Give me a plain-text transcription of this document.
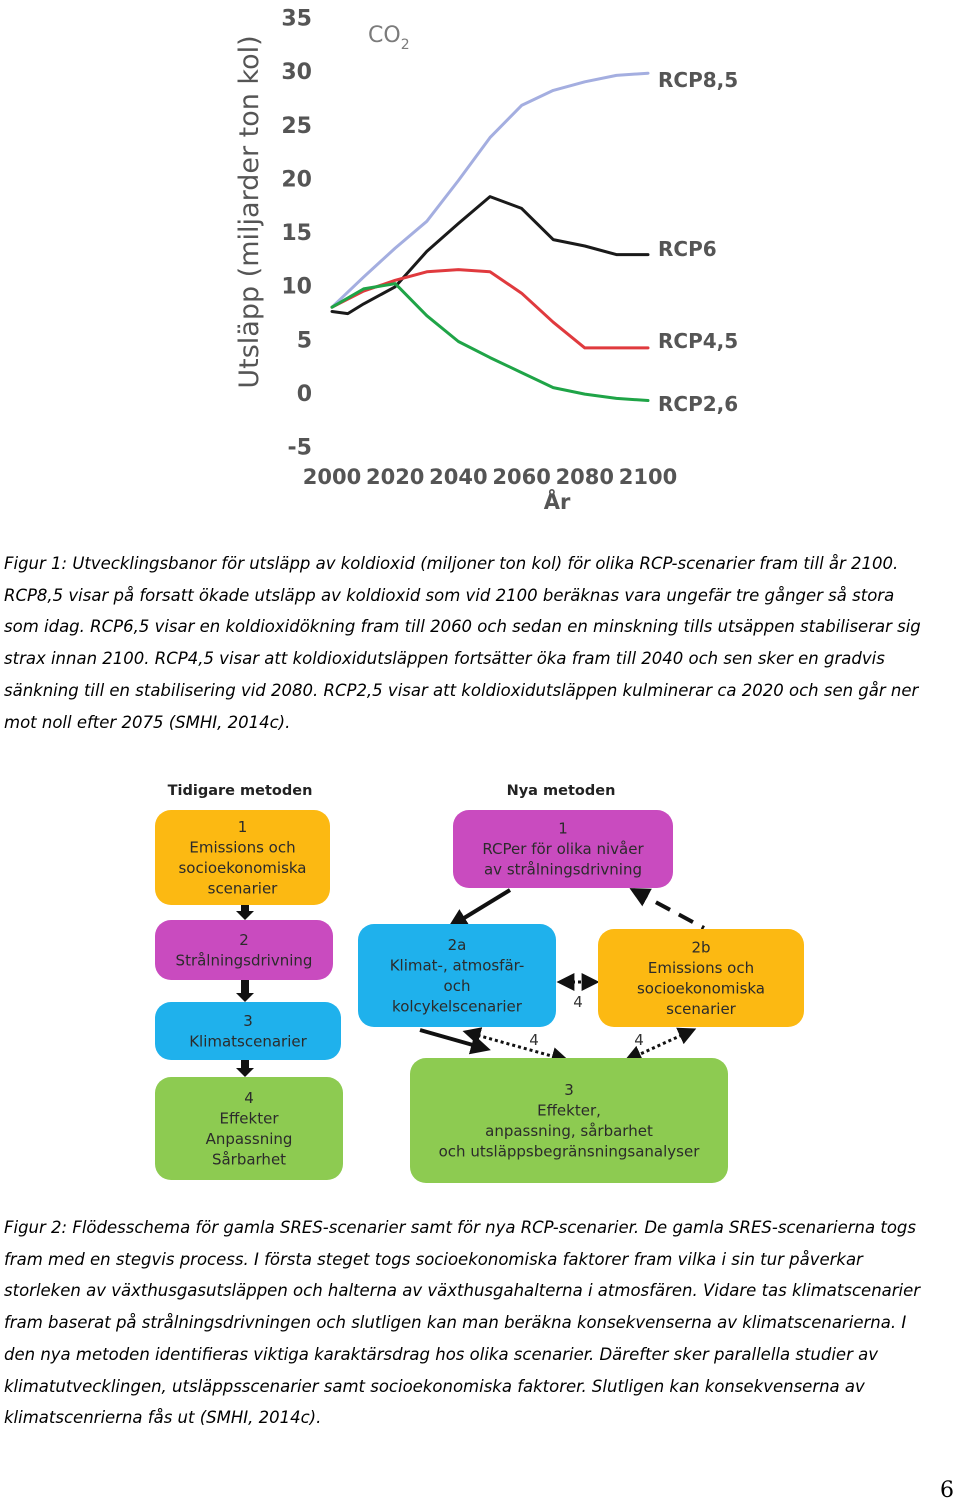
35
30
25
20
15
10
5
0
-5
2000 2020 2040 2060 2080 2100
Utsläpp (miljarder ton kol)
År
$CO_2$
RCP8,5
RCP6
RCP4,5
RCP2,6

Figur 1: Utvecklingsbanor för utsläpp av koldioxid (miljoner ton kol) för olika RCP-scenarier fram till år 2100. RCP8,5 visar på forsatt ökade utsläpp av koldioxid som vid 2100 beräknas vara ungefär tre gånger så stora som idag. RCP6,5 visar en koldioxidökning fram till 2060 och sedan en minskning tills utsäppen stabiliserar sig strax innan 2100. RCP4,5 visar att koldioxidutsläppen fortsätter öka fram till 2040 och sen sker en gradvis sänkning till en stabilisering vid 2080. RCP2,5 visar att koldioxidutsläppen kulminerar ca 2020 och sen går ner mot noll efter 2075 (SMHI, 2014c).

Tidigare metoden	Nya metoden
1
Emissions och
socioekonomiska
scenarier
2
Strålningsdrivning
3
Klimatscenarier
4
Effekter
Anpassning
Sårbarhet
1
RCPer för olika nivåer
av strålningsdrivning
2a
Klimat-, atmosfär-
och
kolcykelscenarier
2b
Emissions och
socioekonomiska
scenarier
3
Effekter,
anpassning, sårbarhet
och utsläppsbegränsningsanalyser
4
4	4

Figur 2: Flödesschema för gamla SRES-scenarier samt för nya RCP-scenarier. De gamla SRES-scenarierna togs fram med en stegvis process. I första steget togs socioekonomiska faktorer fram vilka i sin tur påverkar storleken av växthusgasutsläppen och halterna av växthusgahalterna i atmosfären. Vidare tas klimatscenarier fram baserat på strålningsdrivningen och slutligen kan man beräkna konsekvenserna av klimatscenarierna. I den nya metoden identifieras viktiga karaktärsdrag hos olika scenarier. Därefter sker parallella studier av klimatutvecklingen, utsläppsscenarier samt socioekonomiska faktorer. Slutligen kan konsekvenserna av klimatscenrierna fås ut (SMHI, 2014c).

6
